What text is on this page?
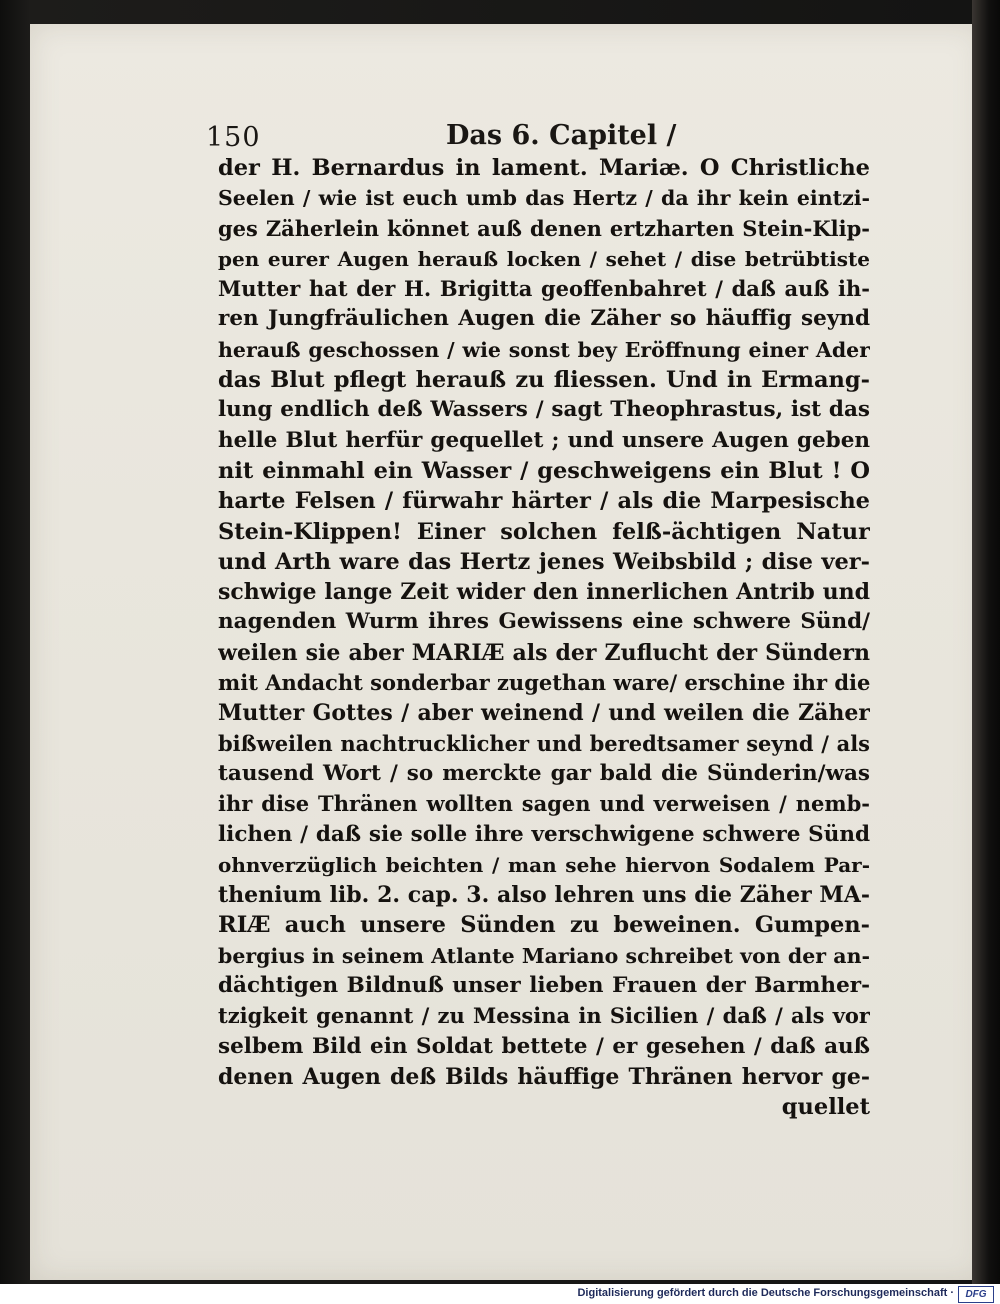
150	Das 6. Capitel /
der H. Bernardus in lament. Mariæ. O Christliche
Seelen / wie ist euch umb das Hertz / da ihr kein eintzi-
ges Zäherlein könnet auß denen ertzharten Stein-Klip-
pen eurer Augen herauß locken / sehet / dise betrübtiste
Mutter hat der H. Brigitta geoffenbahret / daß auß ih-
ren Jungfräulichen Augen die Zäher so häuffig seynd
herauß geschossen / wie sonst bey Eröffnung einer Ader
das Blut pflegt herauß zu fliessen. Und in Ermang-
lung endlich deß Wassers / sagt Theophrastus, ist das
helle Blut herfür gequellet ; und unsere Augen geben
nit einmahl ein Wasser / geschweigens ein Blut ! O
harte Felsen / fürwahr härter / als die Marpesische
Stein-Klippen! Einer solchen felß-ächtigen Natur
und Arth ware das Hertz jenes Weibsbild ; dise ver-
schwige lange Zeit wider den innerlichen Antrib und
nagenden Wurm ihres Gewissens eine schwere Sünd/
weilen sie aber MARIÆ als der Zuflucht der Sündern
mit Andacht sonderbar zugethan ware/ erschine ihr die
Mutter Gottes / aber weinend / und weilen die Zäher
bißweilen nachtrucklicher und beredtsamer seynd / als
tausend Wort / so merckte gar bald die Sünderin/was
ihr dise Thränen wollten sagen und verweisen / nemb-
lichen / daß sie solle ihre verschwigene schwere Sünd
ohnverzüglich beichten / man sehe hiervon Sodalem Par-
thenium lib. 2. cap. 3. also lehren uns die Zäher MA-
RIÆ auch unsere Sünden zu beweinen. Gumpen-
bergius in seinem Atlante Mariano schreibet von der an-
dächtigen Bildnuß unser lieben Frauen der Barmher-
tzigkeit genannt / zu Messina in Sicilien / daß / als vor
selbem Bild ein Soldat bettete / er gesehen / daß auß
denen Augen deß Bilds häuffige Thränen hervor ge-
quellet
Digitalisierung gefördert durch die Deutsche Forschungsgemeinschaft ·	DFG
